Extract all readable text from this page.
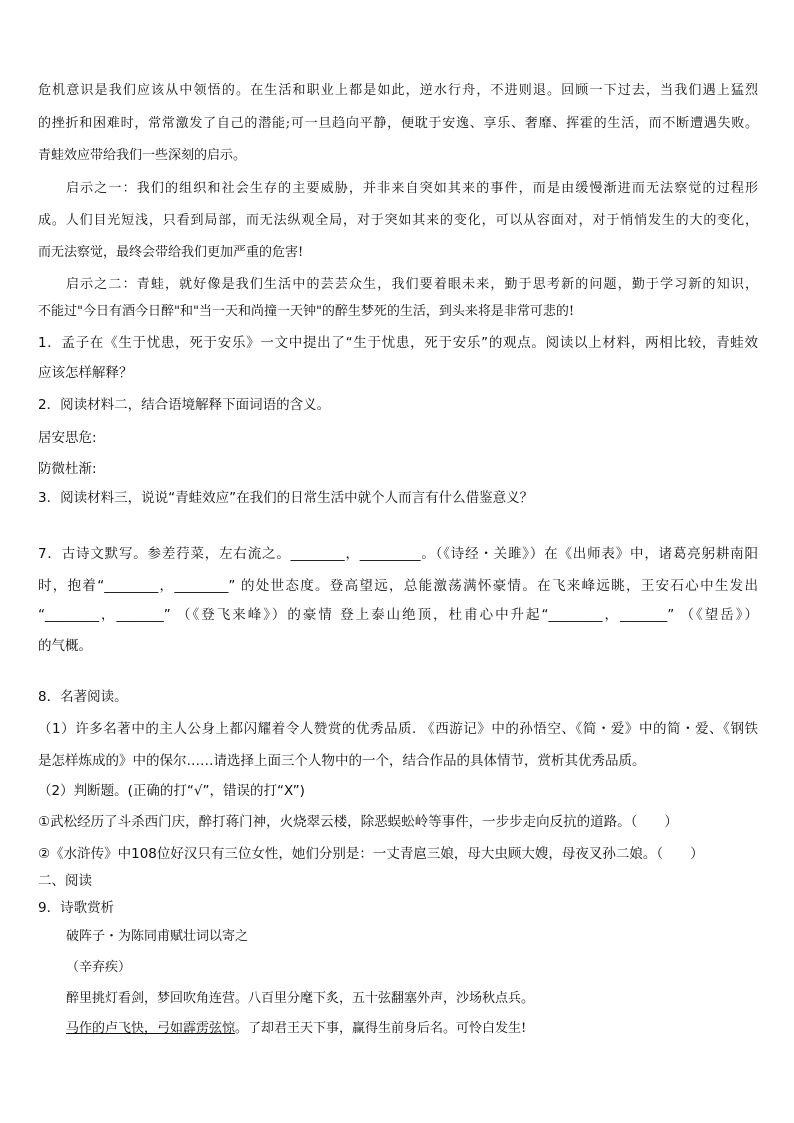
危机意识是我们应该从中领悟的。在生活和职业上都是如此，逆水行舟，不进则退。回顾一下过去，当我们遇上猛烈
的挫折和困难时，常常激发了自己的潜能;可一旦趋向平静，便耽于安逸、享乐、奢靡、挥霍的生活，而不断遭遇失败。
青蛙效应带给我们一些深刻的启示。
启示之一：我们的组织和社会生存的主要威胁，并非来自突如其来的事件，而是由缓慢渐进而无法察觉的过程形
成。人们目光短浅，只看到局部，而无法纵观全局，对于突如其来的变化，可以从容面对，对于悄悄发生的大的变化，
而无法察觉，最终会带给我们更加严重的危害!
启示之二：青蛙，就好像是我们生活中的芸芸众生，我们要着眼未来，勤于思考新的问题，勤于学习新的知识，
不能过"今日有酒今日醉"和"当一天和尚撞一天钟"的醉生梦死的生活，到头来将是非常可悲的!
1．孟子在《生于忧患，死于安乐》一文中提出了“生于忧患，死于安乐”的观点。阅读以上材料，两相比较，青蛙效
应该怎样解释？
2．阅读材料二，结合语境解释下面词语的含义。
居安思危:
防微杜渐:
3．阅读材料三，说说“青蛙效应”在我们的日常生活中就个人而言有什么借鉴意义？
7．古诗文默写。参差荇菜，左右流之。________，_________。（《诗经・关雎》）在《出师表》中，诸葛亮躬耕南阳
时，抱着“________，________” 的处世态度。登高望远，总能激荡满怀豪情。在飞来峰远眺，王安石心中生发出
“________，_______” （《登飞来峰》）的豪情 登上泰山绝顶，杜甫心中升起“________，_______” （《望岳》）
的气概。
8．名著阅读。
（1）许多名著中的主人公身上都闪耀着令人赞赏的优秀品质. 《西游记》中的孙悟空、《简・爱》中的简・爱、《钢铁
是怎样炼成的》中的保尔……请选择上面三个人物中的一个，结合作品的具体情节，赏析其优秀品质。
（2）判断题。(正确的打“√”，错误的打“X”)
①武松经历了斗杀西门庆，醉打蒋门神，火烧翠云楼，除恶蜈蚣岭等事件，一步步走向反抗的道路。（　　）
②《水浒传》中108位好汉只有三位女性，她们分别是：一丈青扈三娘，母大虫顾大嫂，母夜叉孙二娘。（　　）
二、阅读
9．诗歌赏析
破阵子・为陈同甫赋壮词以寄之
（辛弃疾）
醉里挑灯看剑，梦回吹角连营。八百里分麾下炙，五十弦翻塞外声，沙场秋点兵。
马作的卢飞快，弓如霹雳弦惊。了却君王天下事，赢得生前身后名。可怜白发生!
